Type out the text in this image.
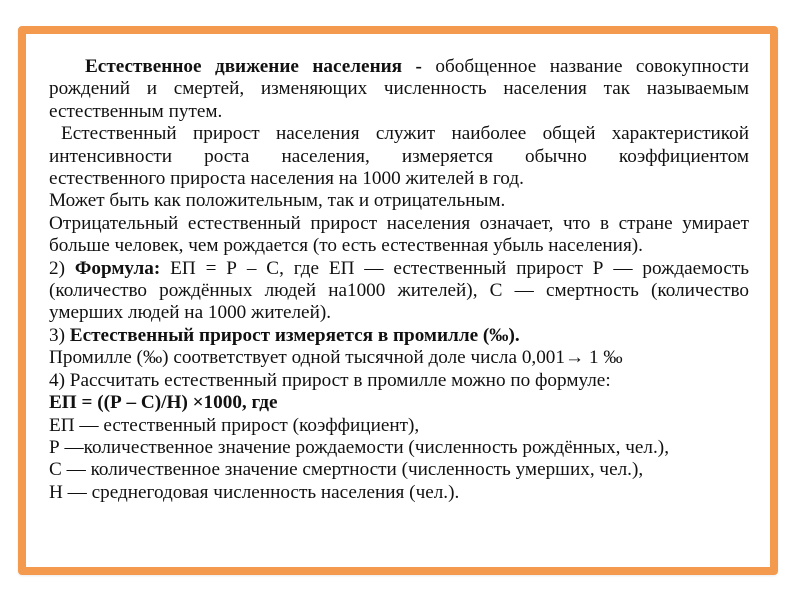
Естественное движение населения - обобщенное название совокупности

рождений и смертей, изменяющих численность населения так называемым

естественным путем.

Естественный прирост населения служит наиболее общей характеристикой

интенсивности роста населения, измеряется обычно коэффициентом

естественного прироста населения на 1000 жителей в год.

Может быть как положительным, так и отрицательным.

Отрицательный естественный прирост населения означает, что в стране умирает

больше человек, чем рождается (то есть естественная убыль населения).

2) Формула: ЕП = Р – С, где ЕП — естественный прирост Р — рождаемость

(количество рождённых людей на1000 жителей), С — смертность (количество

умерших людей на 1000 жителей).

3) Естественный прирост измеряется в промилле (‰).

Промилле (‰) соответствует одной тысячной доле числа 0,001→ 1 ‰

4) Рассчитать естественный прирост в промилле можно по формуле:

ЕП = ((Р – С)/Н) ×1000, где

ЕП — естественный прирост (коэффициент),

Р —количественное значение рождаемости (численность рождённых, чел.),

С — количественное значение смертности (численность умерших, чел.),

Н — среднегодовая численность населения (чел.).
